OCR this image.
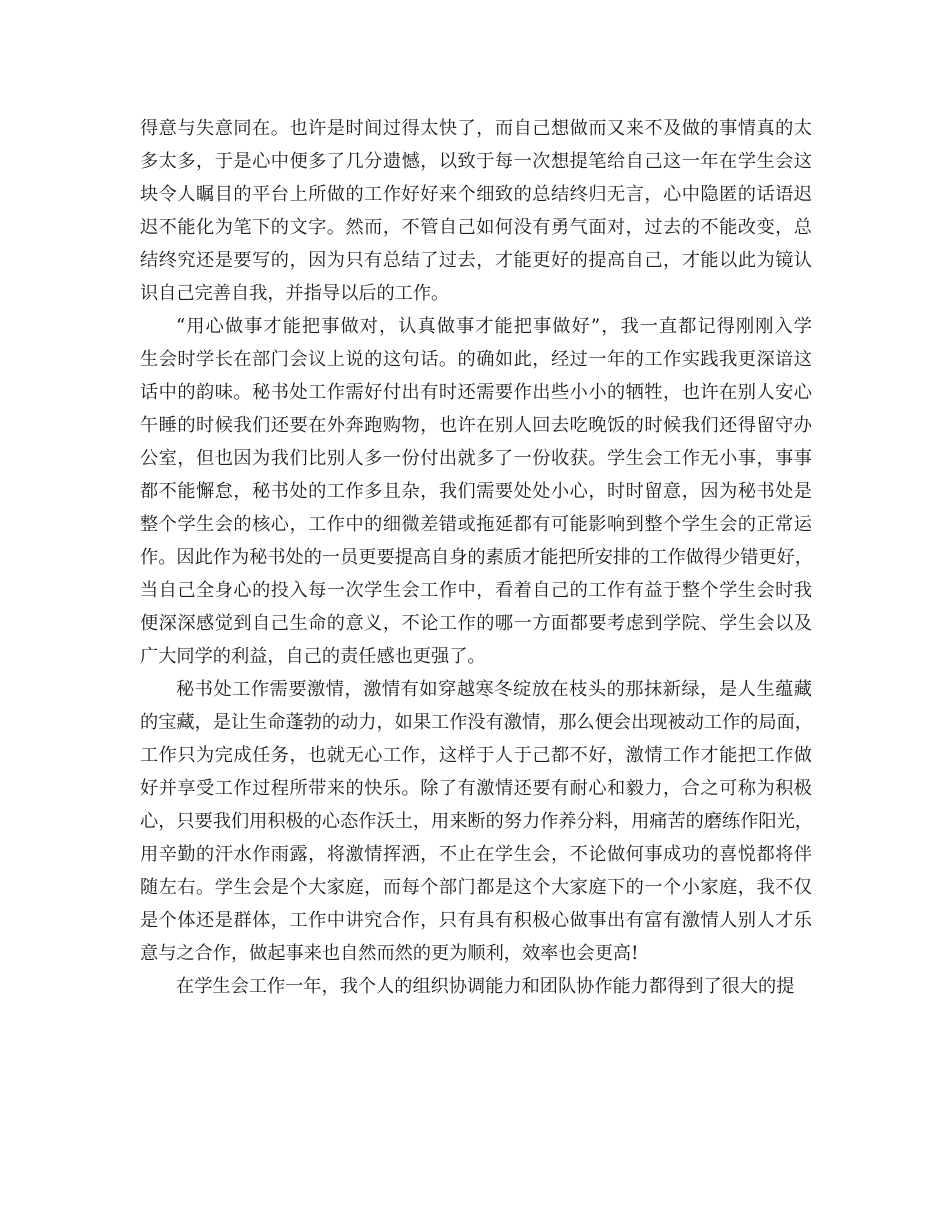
得意与失意同在。也许是时间过得太快了，而自己想做而又来不及做的事情真的太
多太多，于是心中便多了几分遗憾，以致于每一次想提笔给自己这一年在学生会这
块令人瞩目的平台上所做的工作好好来个细致的总结终归无言，心中隐匿的话语迟
迟不能化为笔下的文字。然而，不管自己如何没有勇气面对，过去的不能改变，总
结终究还是要写的，因为只有总结了过去，才能更好的提高自己，才能以此为镜认
识自己完善自我，并指导以后的工作。
“用心做事才能把事做对，认真做事才能把事做好”，我一直都记得刚刚入学
生会时学长在部门会议上说的这句话。的确如此，经过一年的工作实践我更深谙这
话中的韵味。秘书处工作需好付出有时还需要作出些小小的牺牲，也许在别人安心
午睡的时候我们还要在外奔跑购物，也许在别人回去吃晚饭的时候我们还得留守办
公室，但也因为我们比别人多一份付出就多了一份收获。学生会工作无小事，事事
都不能懈怠，秘书处的工作多且杂，我们需要处处小心，时时留意，因为秘书处是
整个学生会的核心，工作中的细微差错或拖延都有可能影响到整个学生会的正常运
作。因此作为秘书处的一员更要提高自身的素质才能把所安排的工作做得少错更好，
当自己全身心的投入每一次学生会工作中，看着自己的工作有益于整个学生会时我
便深深感觉到自己生命的意义，不论工作的哪一方面都要考虑到学院、学生会以及
广大同学的利益，自己的责任感也更强了。
秘书处工作需要激情，激情有如穿越寒冬绽放在枝头的那抹新绿，是人生蕴藏
的宝藏，是让生命蓬勃的动力，如果工作没有激情，那么便会出现被动工作的局面，
工作只为完成任务，也就无心工作，这样于人于己都不好，激情工作才能把工作做
好并享受工作过程所带来的快乐。除了有激情还要有耐心和毅力，合之可称为积极
心，只要我们用积极的心态作沃土，用来断的努力作养分料，用痛苦的磨练作阳光，
用辛勤的汗水作雨露，将激情挥洒，不止在学生会，不论做何事成功的喜悦都将伴
随左右。学生会是个大家庭，而每个部门都是这个大家庭下的一个小家庭，我不仅
是个体还是群体，工作中讲究合作，只有具有积极心做事出有富有激情人别人才乐
意与之合作，做起事来也自然而然的更为顺利，效率也会更高!
在学生会工作一年，我个人的组织协调能力和团队协作能力都得到了很大的提
